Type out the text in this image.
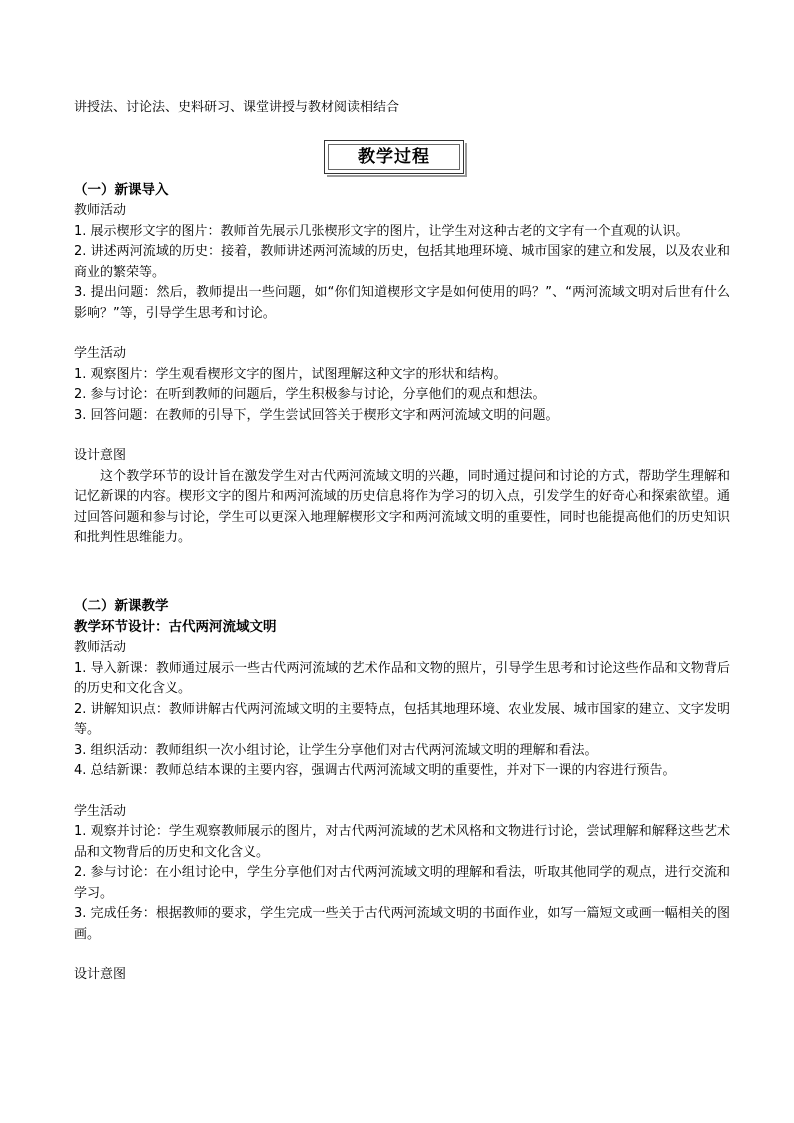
讲授法、讨论法、史料研习、课堂讲授与教材阅读相结合

教学过程

（一）新课导入

教师活动

1. 展示楔形文字的图片：教师首先展示几张楔形文字的图片，让学生对这种古老的文字有一个直观的认识。

2. 讲述两河流域的历史：接着，教师讲述两河流域的历史，包括其地理环境、城市国家的建立和发展，以及农业和商业的繁荣等。

3. 提出问题：然后，教师提出一些问题，如“你们知道楔形文字是如何使用的吗？”、“两河流域文明对后世有什么影响？”等，引导学生思考和讨论。

学生活动

1. 观察图片：学生观看楔形文字的图片，试图理解这种文字的形状和结构。

2. 参与讨论：在听到教师的问题后，学生积极参与讨论，分享他们的观点和想法。

3. 回答问题：在教师的引导下，学生尝试回答关于楔形文字和两河流域文明的问题。

设计意图

这个教学环节的设计旨在激发学生对古代两河流域文明的兴趣，同时通过提问和讨论的方式，帮助学生理解和记忆新课的内容。楔形文字的图片和两河流域的历史信息将作为学习的切入点，引发学生的好奇心和探索欲望。通过回答问题和参与讨论，学生可以更深入地理解楔形文字和两河流域文明的重要性，同时也能提高他们的历史知识和批判性思维能力。

（二）新课教学

教学环节设计：古代两河流域文明

教师活动

1. 导入新课：教师通过展示一些古代两河流域的艺术作品和文物的照片，引导学生思考和讨论这些作品和文物背后的历史和文化含义。

2. 讲解知识点：教师讲解古代两河流域文明的主要特点，包括其地理环境、农业发展、城市国家的建立、文字发明等。

3. 组织活动：教师组织一次小组讨论，让学生分享他们对古代两河流域文明的理解和看法。

4. 总结新课：教师总结本课的主要内容，强调古代两河流域文明的重要性，并对下一课的内容进行预告。

学生活动

1. 观察并讨论：学生观察教师展示的图片，对古代两河流域的艺术风格和文物进行讨论，尝试理解和解释这些艺术品和文物背后的历史和文化含义。

2. 参与讨论：在小组讨论中，学生分享他们对古代两河流域文明的理解和看法，听取其他同学的观点，进行交流和学习。

3. 完成任务：根据教师的要求，学生完成一些关于古代两河流域文明的书面作业，如写一篇短文或画一幅相关的图画。

设计意图
